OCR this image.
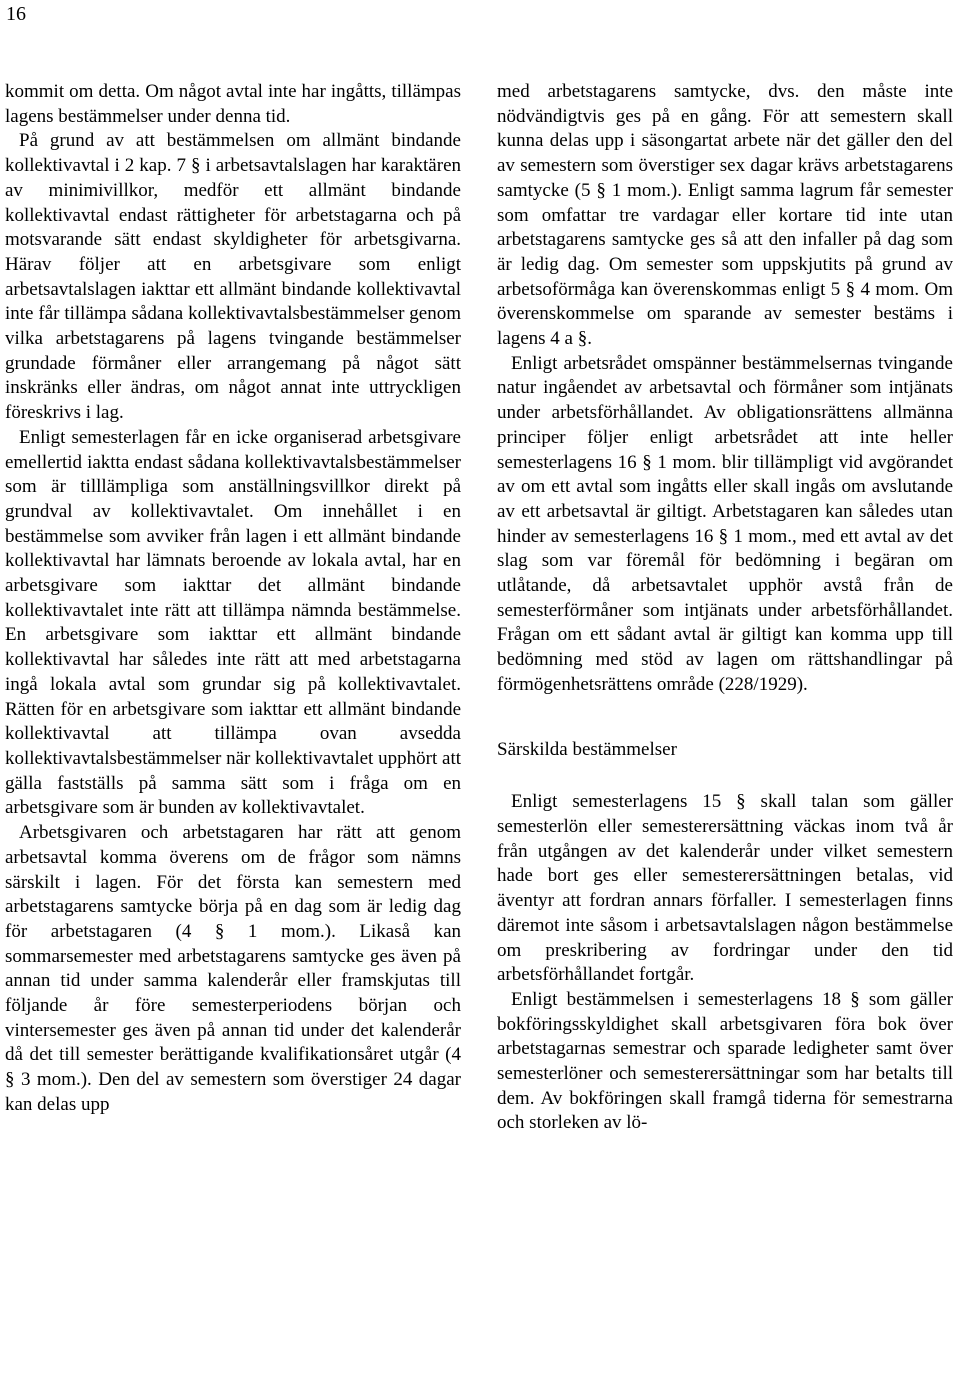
16

kommit om detta. Om något avtal inte har ingåtts, tillämpas lagens bestämmelser under denna tid.

På grund av att bestämmelsen om allmänt bindande kollektivavtal i 2 kap. 7 § i arbetsavtalslagen har karaktären av minimivillkor, medför ett allmänt bindande kollektivavtal endast rättigheter för arbetstagarna och på motsvarande sätt endast skyldigheter för arbetsgivarna. Härav följer att en arbetsgivare som enligt arbetsavtalslagen iakttar ett allmänt bindande kollektivavtal inte får tillämpa sådana kollektivavtalsbestämmelser genom vilka arbetstagarens på lagens tvingande bestämmelser grundade förmåner eller arrangemang på något sätt inskränks eller ändras, om något annat inte uttryckligen föreskrivs i lag.

Enligt semesterlagen får en icke organiserad arbetsgivare emellertid iaktta endast sådana kollektivavtalsbestämmelser som är tilllämpliga som anställningsvillkor direkt på grundval av kollektivavtalet. Om innehållet i en bestämmelse som avviker från lagen i ett allmänt bindande kollektivavtal har lämnats beroende av lokala avtal, har en arbetsgivare som iakttar det allmänt bindande kollektivavtalet inte rätt att tillämpa nämnda bestämmelse. En arbetsgivare som iakttar ett allmänt bindande kollektivavtal har således inte rätt att med arbetstagarna ingå lokala avtal som grundar sig på kollektivavtalet. Rätten för en arbetsgivare som iakttar ett allmänt bindande kollektivavtal att tillämpa ovan avsedda kollektivavtalsbestämmelser när kollektivavtalet upphört att gälla fastställs på samma sätt som i fråga om en arbetsgivare som är bunden av kollektivavtalet.

Arbetsgivaren och arbetstagaren har rätt att genom arbetsavtal komma överens om de frågor som nämns särskilt i lagen. För det första kan semestern med arbetstagarens samtycke börja på en dag som är ledig dag för arbetstagaren (4 § 1 mom.). Likaså kan sommarsemester med arbetstagarens samtycke ges även på annan tid under samma kalenderår eller framskjutas till följande år före semesterperiodens början och vintersemester ges även på annan tid under det kalenderår då det till semester berättigande kvalifikationsåret utgår (4 § 3 mom.). Den del av semestern som överstiger 24 dagar kan delas upp

med arbetstagarens samtycke, dvs. den måste inte nödvändigtvis ges på en gång. För att semestern skall kunna delas upp i säsongartat arbete när det gäller den del av semestern som överstiger sex dagar krävs arbetstagarens samtycke (5 § 1 mom.). Enligt samma lagrum får semester som omfattar tre vardagar eller kortare tid inte utan arbetstagarens samtycke ges så att den infaller på dag som är ledig dag. Om semester som uppskjutits på grund av arbetsoförmåga kan överenskommas enligt 5 § 4 mom. Om överenskommelse om sparande av semester bestäms i lagens 4 a §.

Enligt arbetsrådet omspänner bestämmelsernas tvingande natur ingåendet av arbetsavtal och förmåner som intjänats under arbetsförhållandet. Av obligationsrättens allmänna principer följer enligt arbetsrådet att inte heller semesterlagens 16 § 1 mom. blir tillämpligt vid avgörandet av om ett avtal som ingåtts eller skall ingås om avslutande av ett arbetsavtal är giltigt. Arbetstagaren kan således utan hinder av semesterlagens 16 § 1 mom., med ett avtal av det slag som var föremål för bedömning i begäran om utlåtande, då arbetsavtalet upphör avstå från de semesterförmåner som intjänats under arbetsförhållandet. Frågan om ett sådant avtal är giltigt kan komma upp till bedömning med stöd av lagen om rättshandlingar på förmögenhetsrättens område (228/1929).

Särskilda bestämmelser

Enligt semesterlagens 15 § skall talan som gäller semesterlön eller semesterersättning väckas inom två år från utgången av det kalenderår under vilket semestern hade bort ges eller semesterersättningen betalas, vid äventyr att fordran annars förfaller. I semesterlagen finns däremot inte såsom i arbetsavtalslagen någon bestämmelse om preskribering av fordringar under den tid arbetsförhållandet fortgår.

Enligt bestämmelsen i semesterlagens 18 § som gäller bokföringsskyldighet skall arbetsgivaren föra bok över arbetstagarnas semestrar och sparade ledigheter samt över semesterlöner och semesterersättningar som har betalts till dem. Av bokföringen skall framgå tiderna för semestrarna och storleken av lö-
